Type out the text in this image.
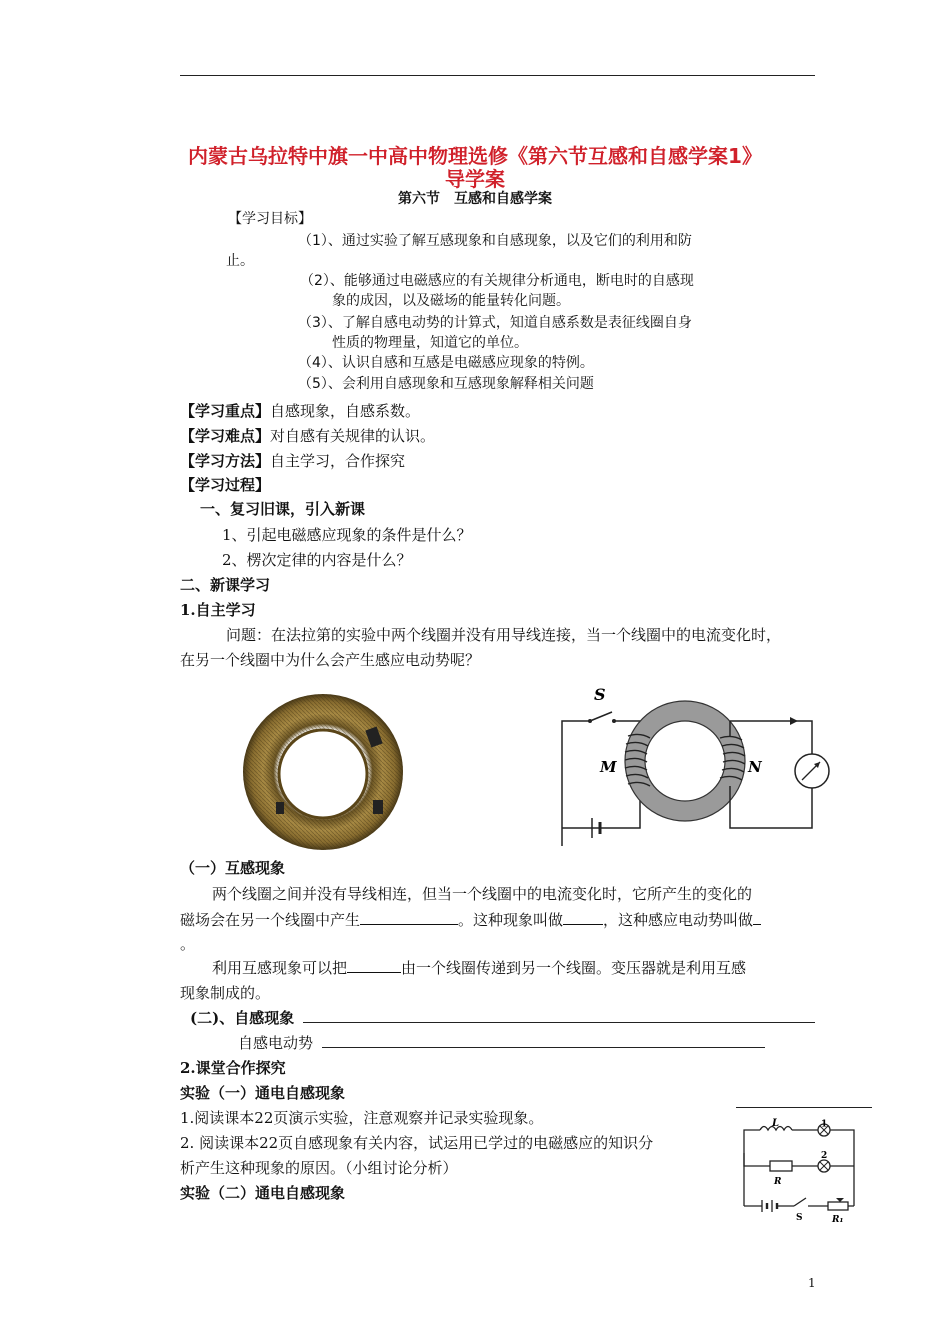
内蒙古乌拉特中旗一中高中物理选修《第六节互感和自感学案1》
导学案
第六节　互感和自感学案
【学习目标】
（1）、通过实验了解互感现象和自感现象，以及它们的利用和防
止。
（2）、能够通过电磁感应的有关规律分析通电，断电时的自感现
象的成因，以及磁场的能量转化问题。
（3）、了解自感电动势的计算式，知道自感系数是表征线圈自身
性质的物理量，知道它的单位。
（4）、认识自感和互感是电磁感应现象的特例。
（5）、会利用自感现象和互感现象解释相关问题
【学习重点】自感现象，自感系数。
【学习难点】对自感有关规律的认识。
【学习方法】自主学习，合作探究
【学习过程】
一、复习旧课，引入新课
1、引起电磁感应现象的条件是什么？
2、楞次定律的内容是什么？
二、新课学习
1.自主学习
问题：在法拉第的实验中两个线圈并没有用导线连接，当一个线圈中的电流变化时，
在另一个线圈中为什么会产生感应电动势呢？
S
M	N
（一）互感现象
两个线圈之间并没有导线相连，但当一个线圈中的电流变化时，它所产生的变化的
磁场会在另一个线圈中产生	。这种现象叫做	，这种感应电动势叫做
。
利用互感现象可以把	由一个线圈传递到另一个线圈。变压器就是利用互感
现象制成的。
(二)、自感现象
自感电动势
2.课堂合作探究
实验（一）通电自感现象
1.阅读课本22页演示实验，注意观察并记录实验现象。
2. 阅读课本22页自感现象有关内容，试运用已学过的电磁感应的知识分
析产生这种现象的原因。（小组讨论分析）
实验（二）通电自感现象
L	1
2
R
S	R₁
1
